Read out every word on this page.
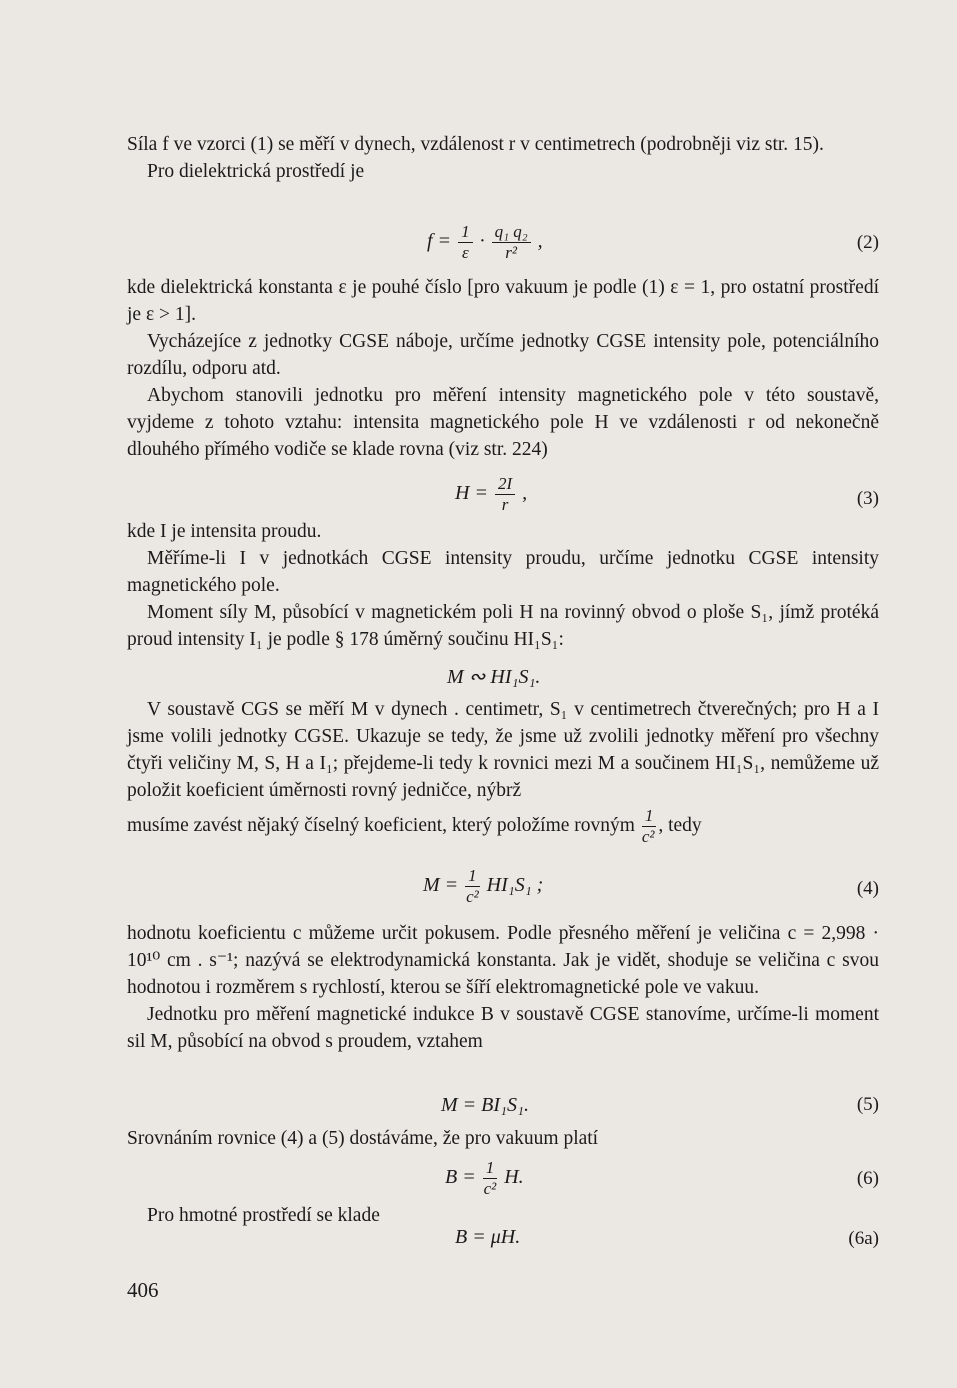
Síla f ve vzorci (1) se měří v dynech, vzdálenost r v centimetrech (podrobněji viz str. 15).

Pro dielektrická prostředí je

$f = \frac{1}{\varepsilon} \cdot \frac{\text{q₁ q₂}}{\text{r²}}$ ,	(2)

kde dielektrická konstanta ε je pouhé číslo [pro vakuum je podle (1) ε = 1, pro ostatní prostředí je ε > 1].

Vycházejíce z jednotky CGSE náboje, určíme jednotky CGSE intensity pole, potenciálního rozdílu, odporu atd.

Abychom stanovili jednotku pro měření intensity magnetického pole v této soustavě, vyjdeme z tohoto vztahu: intensita magnetického pole H ve vzdálenosti r od nekonečně dlouhého přímého vodiče se klade rovna (viz str. 224)

$H = \frac{2I}{r}$ ,	(3)

kde I je intensita proudu.

Měříme-li I v jednotkách CGSE intensity proudu, určíme jednotku CGSE intensity magnetického pole.

Moment síly M, působící v magnetickém poli H na rovinný obvod o ploše S₁, jímž protéká proud intensity I₁ je podle § 178 úměrný součinu HI₁S₁:

M ∾ HI₁S₁.

V soustavě CGS se měří M v dynech . centimetr, S₁ v centimetrech čtverečných; pro H a I jsme volili jednotky CGSE. Ukazuje se tedy, že jsme už zvolili jednotky měření pro všechny čtyři veličiny M, S, H a I₁; přejdeme-li tedy k rovnici mezi M a součinem HI₁S₁, nemůžeme už položit koeficient úměrnosti rovný jedničce, nýbrž

musíme zavést nějaký číselný koeficient, který položíme rovným $\frac{1}{\text{c²}}$ , tedy

$M = \frac{1}{\text{c²}} HI_1S_1$ ;	(4)

hodnotu koeficientu c můžeme určit pokusem. Podle přesného měření je veličina c = 2,998 · 10¹⁰ cm . s⁻¹; nazývá se elektrodynamická konstanta. Jak je vidět, shoduje se veličina c svou hodnotou i rozměrem s rychlostí, kterou se šíří elektromagnetické pole ve vakuu.

Jednotku pro měření magnetické indukce B v soustavě CGSE stanovíme, určíme-li moment sil M, působící na obvod s proudem, vztahem

M = BI₁S₁.	(5)

Srovnáním rovnice (4) a (5) dostáváme, že pro vakuum platí

$B = \frac{1}{\text{c²}} H$.	(6)

Pro hmotné prostředí se klade

B = μH.	(6a)
406
